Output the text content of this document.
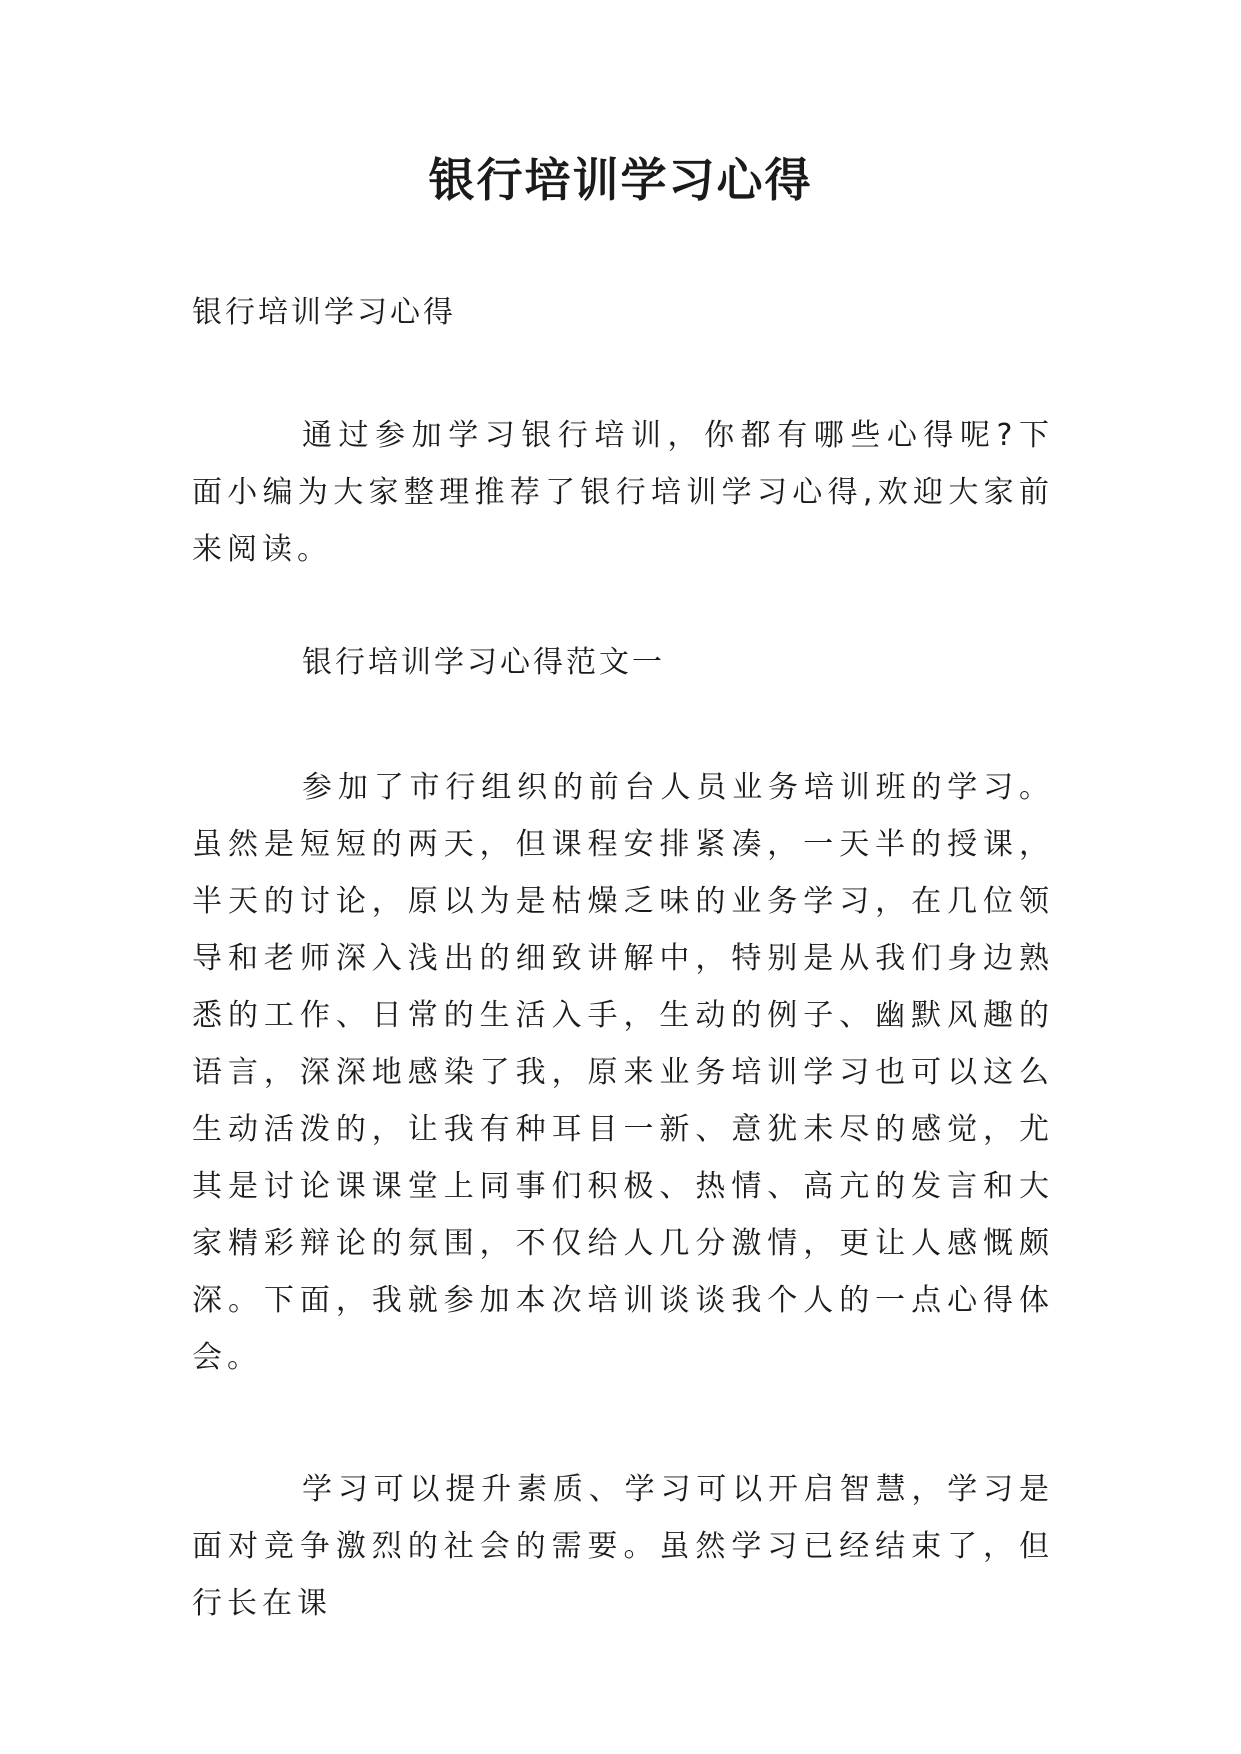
银行培训学习心得

银行培训学习心得

通过参加学习银行培训，你都有哪些心得呢?下面小编为大家整理推荐了银行培训学习心得,欢迎大家前来阅读。

银行培训学习心得范文一

参加了市行组织的前台人员业务培训班的学习。虽然是短短的两天，但课程安排紧凑，一天半的授课，半天的讨论，原以为是枯燥乏味的业务学习，在几位领导和老师深入浅出的细致讲解中，特别是从我们身边熟悉的工作、日常的生活入手，生动的例子、幽默风趣的语言，深深地感染了我，原来业务培训学习也可以这么生动活泼的，让我有种耳目一新、意犹未尽的感觉，尤其是讨论课课堂上同事们积极、热情、高亢的发言和大家精彩辩论的氛围，不仅给人几分激情，更让人感慨颇深。下面，我就参加本次培训谈谈我个人的一点心得体会。

学习可以提升素质、学习可以开启智慧，学习是面对竞争激烈的社会的需要。虽然学习已经结束了，但行长在课
